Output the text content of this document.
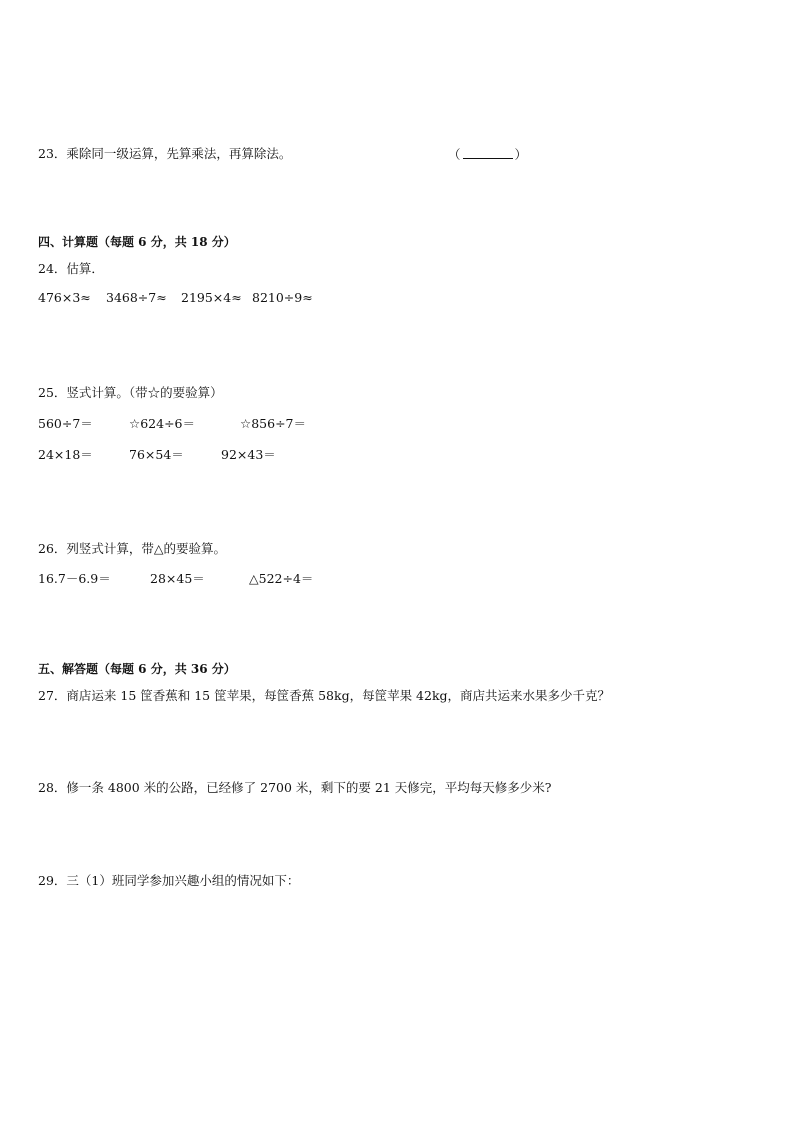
23．乘除同一级运算，先算乘法，再算除法。	（	）
四、计算题（每题 6 分，共 18 分）
24．估算．
476×3≈ 3468÷7≈ 2195×4≈ 8210÷9≈
25．竖式计算。（带☆的要验算）
560÷7＝	☆624÷6＝	☆856÷7＝
24×18＝	76×54＝	92×43＝
26．列竖式计算，带△的要验算。
16.7－6.9＝	28×45＝	△522÷4＝
五、解答题（每题 6 分，共 36 分）
27．商店运来 15 筐香蕉和 15 筐苹果，每筐香蕉 58kg，每筐苹果 42kg，商店共运来水果多少千克？
28．修一条 4800 米的公路，已经修了 2700 米，剩下的要 21 天修完，平均每天修多少米?
29．三（1）班同学参加兴趣小组的情况如下：
